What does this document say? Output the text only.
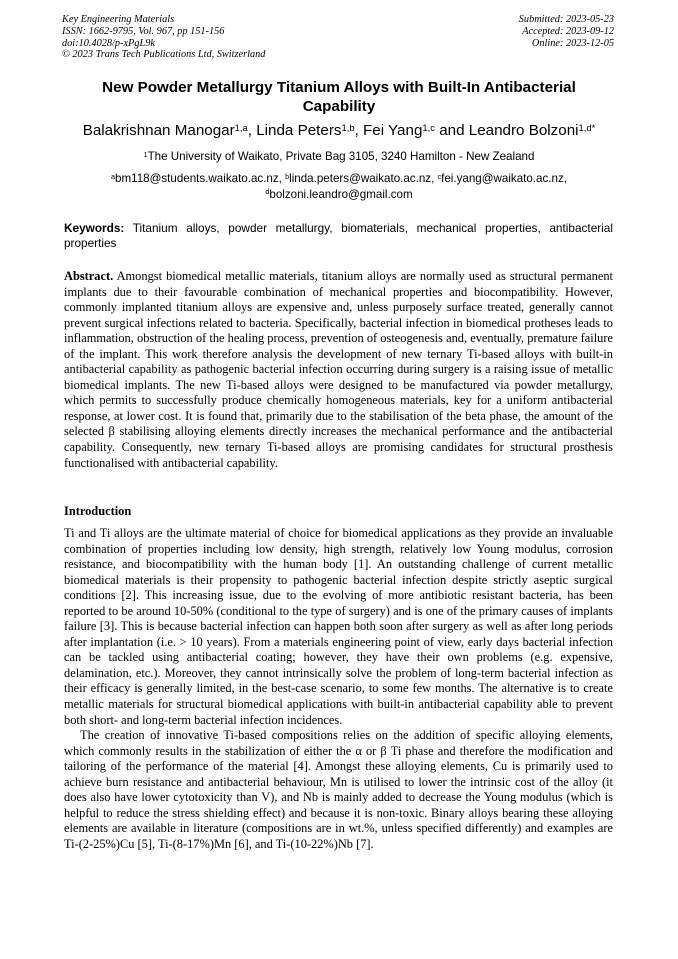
Key Engineering Materials
ISSN: 1662-9795, Vol. 967, pp 151-156
doi:10.4028/p-xPgL9k
© 2023 Trans Tech Publications Ltd, Switzerland
Submitted: 2023-05-23
Accepted: 2023-09-12
Online: 2023-12-05
New Powder Metallurgy Titanium Alloys with Built-In Antibacterial Capability
Balakrishnan Manogar$^{1,a}$, Linda Peters$^{1,b}$, Fei Yang$^{1,c}$ and Leandro Bolzoni$^{1,d*}$
$^1$The University of Waikato, Private Bag 3105, 3240 Hamilton - New Zealand
$^a$bm118@students.waikato.ac.nz, $^b$linda.peters@waikato.ac.nz, $^c$fei.yang@waikato.ac.nz,
$^d$bolzoni.leandro@gmail.com
Keywords: Titanium alloys, powder metallurgy, biomaterials, mechanical properties, antibacterial properties
Abstract. Amongst biomedical metallic materials, titanium alloys are normally used as structural permanent implants due to their favourable combination of mechanical properties and biocompatibility. However, commonly implanted titanium alloys are expensive and, unless purposely surface treated, generally cannot prevent surgical infections related to bacteria. Specifically, bacterial infection in biomedical protheses leads to inflammation, obstruction of the healing process, prevention of osteogenesis and, eventually, premature failure of the implant. This work therefore analysis the development of new ternary Ti-based alloys with built-in antibacterial capability as pathogenic bacterial infection occurring during surgery is a raising issue of metallic biomedical implants. The new Ti-based alloys were designed to be manufactured via powder metallurgy, which permits to successfully produce chemically homogeneous materials, key for a uniform antibacterial response, at lower cost. It is found that, primarily due to the stabilisation of the beta phase, the amount of the selected β stabilising alloying elements directly increases the mechanical performance and the antibacterial capability. Consequently, new ternary Ti-based alloys are promising candidates for structural prosthesis functionalised with antibacterial capability.
Introduction

Ti and Ti alloys are the ultimate material of choice for biomedical applications as they provide an invaluable combination of properties including low density, high strength, relatively low Young modulus, corrosion resistance, and biocompatibility with the human body [1]. An outstanding challenge of current metallic biomedical materials is their propensity to pathogenic bacterial infection despite strictly aseptic surgical conditions [2]. This increasing issue, due to the evolving of more antibiotic resistant bacteria, has been reported to be around 10-50% (conditional to the type of surgery) and is one of the primary causes of implants failure [3]. This is because bacterial infection can happen both soon after surgery as well as after long periods after implantation (i.e. > 10 years). From a materials engineering point of view, early days bacterial infection can be tackled using antibacterial coating; however, they have their own problems (e.g. expensive, delamination, etc.). Moreover, they cannot intrinsically solve the problem of long-term bacterial infection as their efficacy is generally limited, in the best-case scenario, to some few months. The alternative is to create metallic materials for structural biomedical applications with built-in antibacterial capability able to prevent both short- and long-term bacterial infection incidences.

The creation of innovative Ti-based compositions relies on the addition of specific alloying elements, which commonly results in the stabilization of either the α or β Ti phase and therefore the modification and tailoring of the performance of the material [4]. Amongst these alloying elements, Cu is primarily used to achieve burn resistance and antibacterial behaviour, Mn is utilised to lower the intrinsic cost of the alloy (it does also have lower cytotoxicity than V), and Nb is mainly added to decrease the Young modulus (which is helpful to reduce the stress shielding effect) and because it is non-toxic. Binary alloys bearing these alloying elements are available in literature (compositions are in wt.%, unless specified differently) and examples are Ti-(2-25%)Cu [5], Ti-(8-17%)Mn [6], and Ti-(10-22%)Nb [7].
